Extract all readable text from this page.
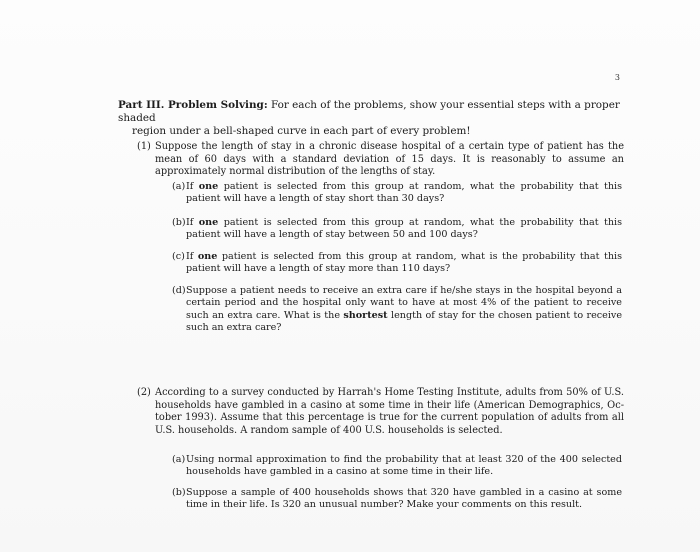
3
Part III. Problem Solving: For each of the problems, show your essential steps with a proper shaded
region under a bell-shaped curve in each part of every problem!
(1) Suppose the length of stay in a chronic disease hospital of a certain type of patient has the mean of 60 days with a standard deviation of 15 days. It is reasonably to assume an approximately normal distribution of the lengths of stay.
(a) If one patient is selected from this group at random, what the probability that this patient will have a length of stay short than 30 days?
(b) If one patient is selected from this group at random, what the probability that this patient will have a length of stay between 50 and 100 days?
(c) If one patient is selected from this group at random, what is the probability that this patient will have a length of stay more than 110 days?
(d) Suppose a patient needs to receive an extra care if he/she stays in the hospital beyond a certain period and the hospital only want to have at most 4% of the patient to receive such an extra care. What is the shortest length of stay for the chosen patient to receive such an extra care?
(2) According to a survey conducted by Harrah's Home Testing Institute, adults from 50% of U.S. households have gambled in a casino at some time in their life (American Demographics, Oc-tober 1993). Assume that this percentage is true for the current population of adults from all U.S. households. A random sample of 400 U.S. households is selected.
(a) Using normal approximation to find the probability that at least 320 of the 400 selected households have gambled in a casino at some time in their life.
(b) Suppose a sample of 400 households shows that 320 have gambled in a casino at some time in their life. Is 320 an unusual number? Make your comments on this result.
